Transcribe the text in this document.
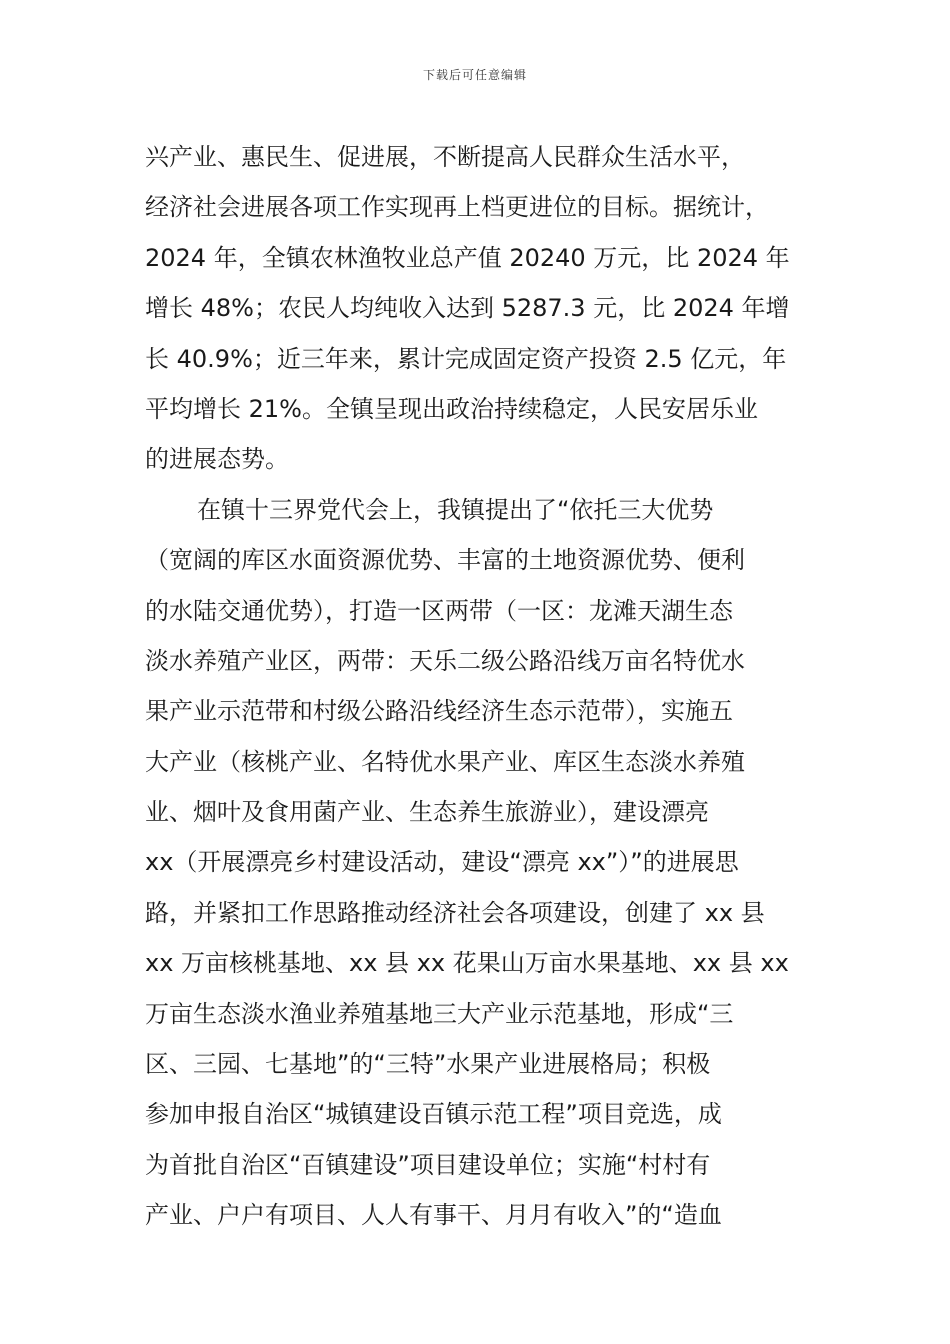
下载后可任意编辑
兴产业、惠民生、促进展，不断提高人民群众生活水平，
经济社会进展各项工作实现再上档更进位的目标。据统计，
2024 年，全镇农林渔牧业总产值 20240 万元，比 2024 年
增长 48%；农民人均纯收入达到 5287.3 元，比 2024 年增
长 40.9%；近三年来，累计完成固定资产投资 2.5 亿元，年
平均增长 21%。全镇呈现出政治持续稳定，人民安居乐业
的进展态势。
在镇十三界党代会上，我镇提出了“依托三大优势
（宽阔的库区水面资源优势、丰富的土地资源优势、便利
的水陆交通优势），打造一区两带（一区：龙滩天湖生态
淡水养殖产业区，两带：天乐二级公路沿线万亩名特优水
果产业示范带和村级公路沿线经济生态示范带），实施五
大产业（核桃产业、名特优水果产业、库区生态淡水养殖
业、烟叶及食用菌产业、生态养生旅游业），建设漂亮
xx（开展漂亮乡村建设活动，建设“漂亮 xx”）”的进展思
路，并紧扣工作思路推动经济社会各项建设，创建了 xx 县
xx 万亩核桃基地、xx 县 xx 花果山万亩水果基地、xx 县 xx
万亩生态淡水渔业养殖基地三大产业示范基地，形成“三
区、三园、七基地”的“三特”水果产业进展格局；积极
参加申报自治区“城镇建设百镇示范工程”项目竞选，成
为首批自治区“百镇建设”项目建设单位；实施“村村有
产业、户户有项目、人人有事干、月月有收入”的“造血
